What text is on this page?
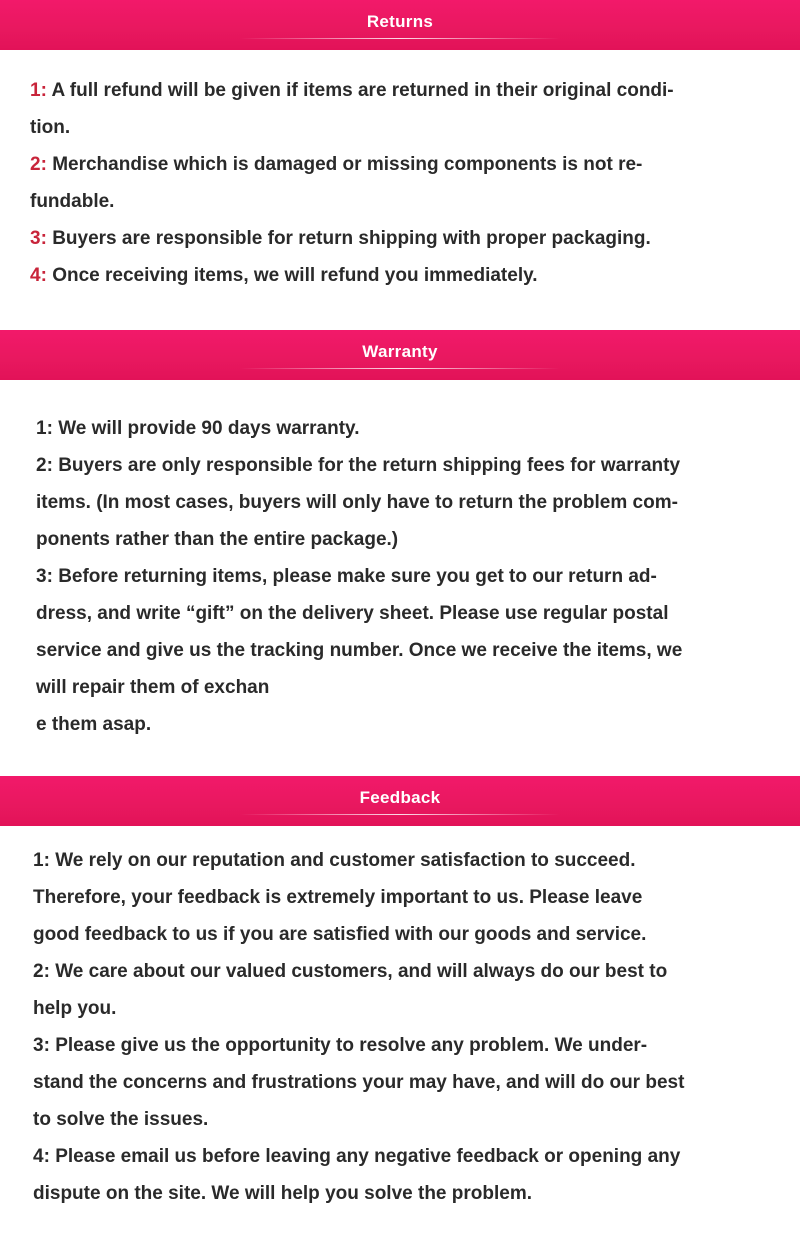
Returns

1: A full refund will be given if items are returned in their original condi-
tion.

2: Merchandise which is damaged or missing components is not re-
fundable.

3: Buyers are responsible for return shipping with proper packaging.

4: Once receiving items, we will refund you immediately.

Warranty

1: We will provide 90 days warranty.

2: Buyers are only responsible for the return shipping fees for warranty
items. (In most cases, buyers will only have to return the problem com-
ponents rather than the entire package.)

3: Before returning items, please make sure you get to our return ad-
dress, and write “gift” on the delivery sheet. Please use regular postal
service and give us the tracking number. Once we receive the items, we
will repair them of exchan
e them asap.

Feedback

1: We rely on our reputation and customer satisfaction to succeed.
Therefore, your feedback is extremely important to us. Please leave
good feedback to us if you are satisfied with our goods and service.

2: We care about our valued customers, and will always do our best to
help you.

3: Please give us the opportunity to resolve any problem. We under-
stand the concerns and frustrations your may have, and will do our best
to solve the issues.

4: Please email us before leaving any negative feedback or opening any
dispute on the site. We will help you solve the problem.
